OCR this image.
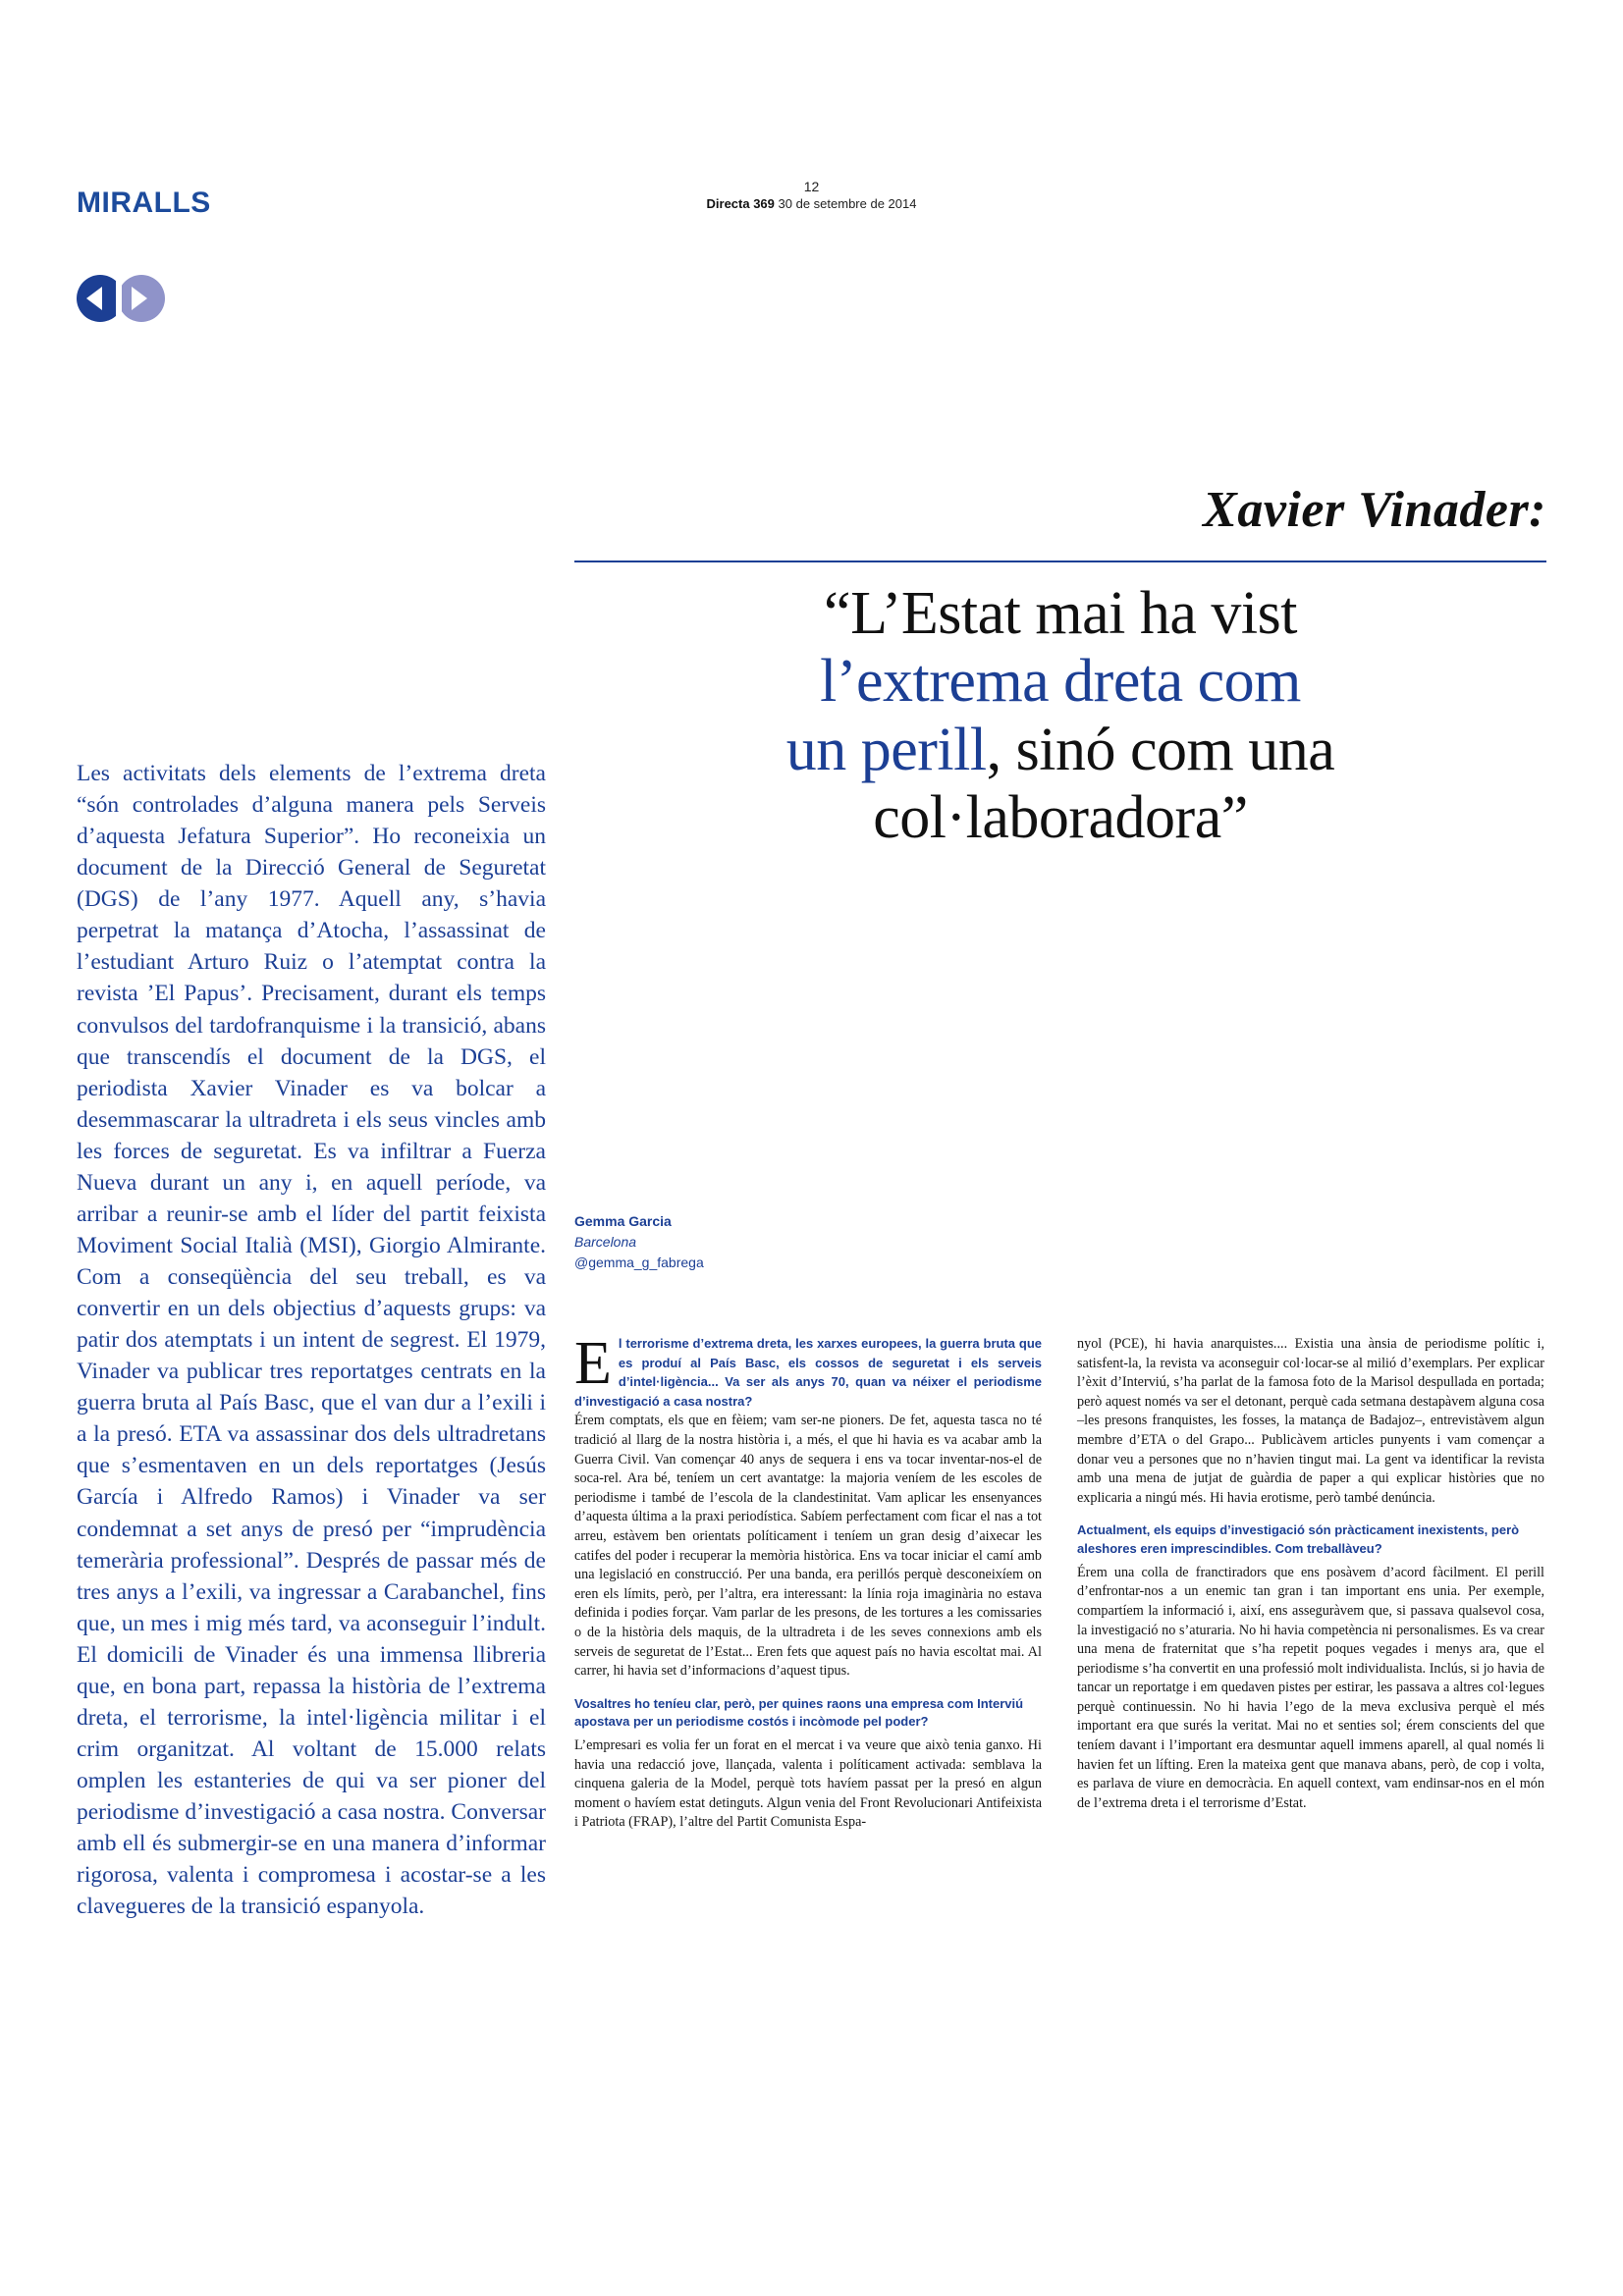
MIRALLS	12
Directa 369 30 de setembre de 2014
Xavier Vinader:
“L’Estat mai ha vist
l’extrema dreta com
un perill, sinó com una
col·laboradora”
Les activitats dels elements de l’extrema dreta “són controlades d’alguna manera pels Serveis d’aquesta Jefatura Superior”. Ho reconeixia un document de la Direcció General de Seguretat (DGS) de l’any 1977. Aquell any, s’havia perpetrat la matança d’Atocha, l’assassinat de l’estudiant Arturo Ruiz o l’atemptat contra la revista ’El Papus’. Precisament, durant els temps convulsos del tardofranquisme i la transició, abans que transcendís el document de la DGS, el periodista Xavier Vinader es va bolcar a desemmascarar la ultradreta i els seus vincles amb les forces de seguretat. Es va infiltrar a Fuerza Nueva durant un any i, en aquell període, va arribar a reunir-se amb el líder del partit feixista Moviment Social Italià (MSI), Giorgio Almirante. Com a conseqüència del seu treball, es va convertir en un dels objectius d’aquests grups: va patir dos atemptats i un intent de segrest. El 1979, Vinader va publicar tres reportatges centrats en la guerra bruta al País Basc, que el van dur a l’exili i a la presó. ETA va assassinar dos dels ultradretans que s’esmentaven en un dels reportatges (Jesús García i Alfredo Ramos) i Vinader va ser condemnat a set anys de presó per “imprudència temerària professional”. Després de passar més de tres anys a l’exili, va ingressar a Carabanchel, fins que, un mes i mig més tard, va aconseguir l’indult. El domicili de Vinader és una immensa llibreria que, en bona part, repassa la història de l’extrema dreta, el terrorisme, la intel·ligència militar i el crim organitzat. Al voltant de 15.000 relats omplen les estanteries de qui va ser pioner del periodisme d’investigació a casa nostra. Conversar amb ell és submergir-se en una manera d’informar rigorosa, valenta i compromesa i acostar-se a les clavegueres de la transició espanyola.
Gemma Garcia
Barcelona
@gemma_g_fabrega
E l terrorisme d’extrema dreta, les xarxes europees, la guerra bruta que es produí al País Basc, els cossos de seguretat i els serveis d’intel·ligència... Va ser als anys 70, quan va néixer el periodisme d’investigació a casa nostra?

Érem comptats, els que en fèiem; vam ser-ne pioners. De fet, aquesta tasca no té tradició al llarg de la nostra història i, a més, el que hi havia es va acabar amb la Guerra Civil. Van començar 40 anys de sequera i ens va tocar inventar-nos-el de soca-rel. Ara bé, teníem un cert avantatge: la majoria veníem de les escoles de periodisme i també de l’escola de la clandestinitat. Vam aplicar les ensenyances d’aquesta última a la praxi periodística. Sabíem perfectament com ficar el nas a tot arreu, estàvem ben orientats políticament i teníem un gran desig d’aixecar les catifes del poder i recuperar la memòria històrica. Ens va tocar iniciar el camí amb una legislació en construcció. Per una banda, era perillós perquè desconeixíem on eren els límits, però, per l’altra, era interessant: la línia roja imaginària no estava definida i podies forçar. Vam parlar de les presons, de les tortures a les comissaries o de la història dels maquis, de la ultradreta i de les seves connexions amb els serveis de seguretat de l’Estat... Eren fets que aquest país no havia escoltat mai. Al carrer, hi havia set d’informacions d’aquest tipus.

Vosaltres ho teníeu clar, però, per quines raons una empresa com Interviú apostava per un periodisme costós i incòmode pel poder?

L’empresari es volia fer un forat en el mercat i va veure que això tenia ganxo. Hi havia una redacció jove, llançada, valenta i políticament activada: semblava la cinquena galeria de la Model, perquè tots havíem passat per la presó en algun moment o havíem estat detinguts. Algun venia del Front Revolucionari Antifeixista i Patriota (FRAP), l’altre del Partit Comunista Espa-

nyol (PCE), hi havia anarquistes.... Existia una ànsia de periodisme polític i, satisfent-la, la revista va aconseguir col·locar-se al milió d’exemplars. Per explicar l’èxit d’Interviú, s’ha parlat de la famosa foto de la Marisol despullada en portada; però aquest només va ser el detonant, perquè cada setmana destapàvem alguna cosa –les presons franquistes, les fosses, la matança de Badajoz–, entrevistàvem algun membre d’ETA o del Grapo... Publicàvem articles punyents i vam començar a donar veu a persones que no n’havien tingut mai. La gent va identificar la revista amb una mena de jutjat de guàrdia de paper a qui explicar històries que no explicaria a ningú més. Hi havia erotisme, però també denúncia.

Actualment, els equips d’investigació són pràcticament inexistents, però aleshores eren imprescindibles. Com treballàveu?

Érem una colla de franctiradors que ens posàvem d’acord fàcilment. El perill d’enfrontar-nos a un enemic tan gran i tan important ens unia. Per exemple, compartíem la informació i, així, ens asseguràvem que, si passava qualsevol cosa, la investigació no s’aturaria. No hi havia competència ni personalismes. Es va crear una mena de fraternitat que s’ha repetit poques vegades i menys ara, que el periodisme s’ha convertit en una professió molt individualista. Inclús, si jo havia de tancar un reportatge i em quedaven pistes per estirar, les passava a altres col·legues perquè continuessin. No hi havia l’ego de la meva exclusiva perquè el més important era que surés la veritat. Mai no et senties sol; érem conscients del que teníem davant i l’important era desmuntar aquell immens aparell, al qual només li havien fet un lífting. Eren la mateixa gent que manava abans, però, de cop i volta, es parlava de viure en democràcia. En aquell context, vam endinsar-nos en el món de l’extrema dreta i el terrorisme d’Estat.
